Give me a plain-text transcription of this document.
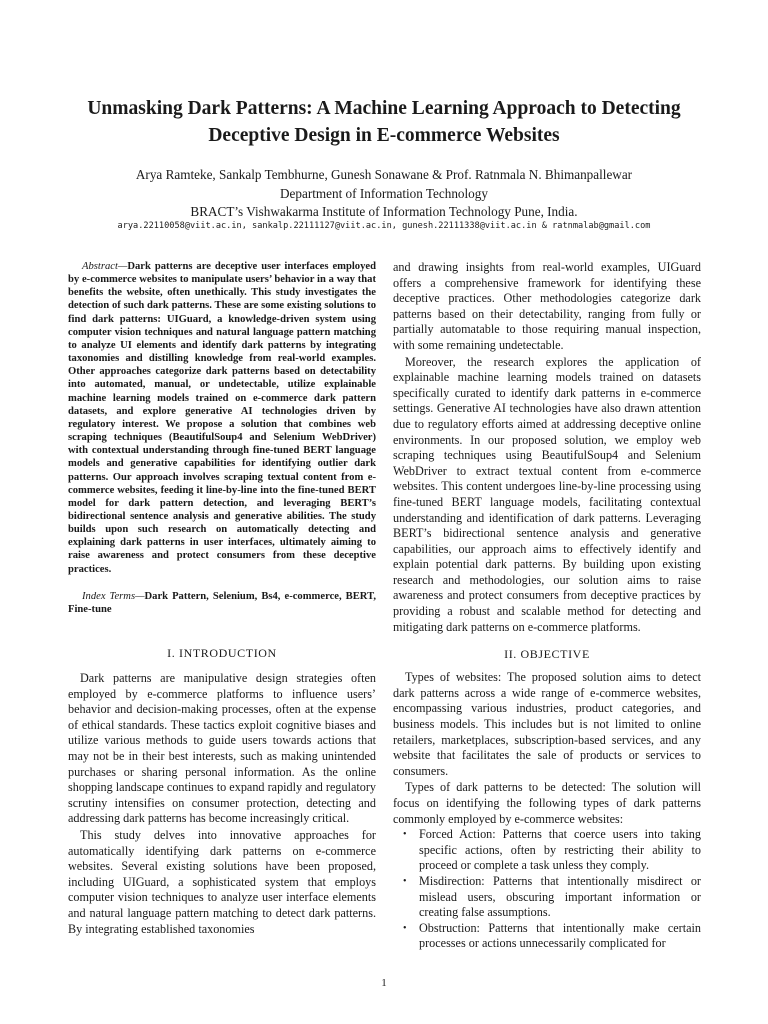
Unmasking Dark Patterns: A Machine Learning Approach to Detecting
Deceptive Design in E-commerce Websites
Arya Ramteke, Sankalp Tembhurne, Gunesh Sonawane & Prof. Ratnmala N. Bhimanpallewar
Department of Information Technology
BRACT’s Vishwakarma Institute of Information Technology Pune, India.
arya.22110058@viit.ac.in, sankalp.22111127@viit.ac.in, gunesh.22111338@viit.ac.in & ratnmalab@gmail.com

Abstract—Dark patterns are deceptive user interfaces employed by e-commerce websites to manipulate users’ behavior in a way that benefits the website, often unethically. This study investigates the detection of such dark patterns. These are some existing solutions to find dark patterns: UIGuard, a knowledge-driven system using computer vision techniques and natural language pattern matching to analyze UI elements and identify dark patterns by integrating taxonomies and distilling knowledge from real-world examples. Other approaches categorize dark patterns based on detectability into automated, manual, or undetectable, utilize explainable machine learning models trained on e-commerce dark pattern datasets, and explore generative AI technologies driven by regulatory interest. We propose a solution that combines web scraping techniques (BeautifulSoup4 and Selenium WebDriver) with contextual understanding through fine-tuned BERT language models and generative capabilities for identifying outlier dark patterns. Our approach involves scraping textual content from e-commerce websites, feeding it line-by-line into the fine-tuned BERT model for dark pattern detection, and leveraging BERT’s bidirectional sentence analysis and generative abilities. The study builds upon such research on automatically detecting and explaining dark patterns in user interfaces, ultimately aiming to raise awareness and protect consumers from these deceptive practices.

Index Terms—Dark Pattern, Selenium, Bs4, e-commerce, BERT, Fine-tune

I. INTRODUCTION

Dark patterns are manipulative design strategies often employed by e-commerce platforms to influence users’ behavior and decision-making processes, often at the expense of ethical standards. These tactics exploit cognitive biases and utilize various methods to guide users towards actions that may not be in their best interests, such as making unintended purchases or sharing personal information. As the online shopping landscape continues to expand rapidly and regulatory scrutiny intensifies on consumer protection, detecting and addressing dark patterns has become increasingly critical.

This study delves into innovative approaches for automatically identifying dark patterns on e-commerce websites. Several existing solutions have been proposed, including UIGuard, a sophisticated system that employs computer vision techniques to analyze user interface elements and natural language pattern matching to detect dark patterns. By integrating established taxonomies

and drawing insights from real-world examples, UIGuard offers a comprehensive framework for identifying these deceptive practices. Other methodologies categorize dark patterns based on their detectability, ranging from fully or partially automatable to those requiring manual inspection, with some remaining undetectable.

Moreover, the research explores the application of explainable machine learning models trained on datasets specifically curated to identify dark patterns in e-commerce settings. Generative AI technologies have also drawn attention due to regulatory efforts aimed at addressing deceptive online environments. In our proposed solution, we employ web scraping techniques using BeautifulSoup4 and Selenium WebDriver to extract textual content from e-commerce websites. This content undergoes line-by-line processing using fine-tuned BERT language models, facilitating contextual understanding and identification of dark patterns. Leveraging BERT’s bidirectional sentence analysis and generative capabilities, our approach aims to effectively identify and explain potential dark patterns. By building upon existing research and methodologies, our solution aims to raise awareness and protect consumers from deceptive practices by providing a robust and scalable method for detecting and mitigating dark patterns on e-commerce platforms.

II. OBJECTIVE

Types of websites: The proposed solution aims to detect dark patterns across a wide range of e-commerce websites, encompassing various industries, product categories, and business models. This includes but is not limited to online retailers, marketplaces, subscription-based services, and any website that facilitates the sale of products or services to consumers.

Types of dark patterns to be detected: The solution will focus on identifying the following types of dark patterns commonly employed by e-commerce websites:

• Forced Action: Patterns that coerce users into taking specific actions, often by restricting their ability to proceed or complete a task unless they comply.
• Misdirection: Patterns that intentionally misdirect or mislead users, obscuring important information or creating false assumptions.
• Obstruction: Patterns that intentionally make certain processes or actions unnecessarily complicated for
1
